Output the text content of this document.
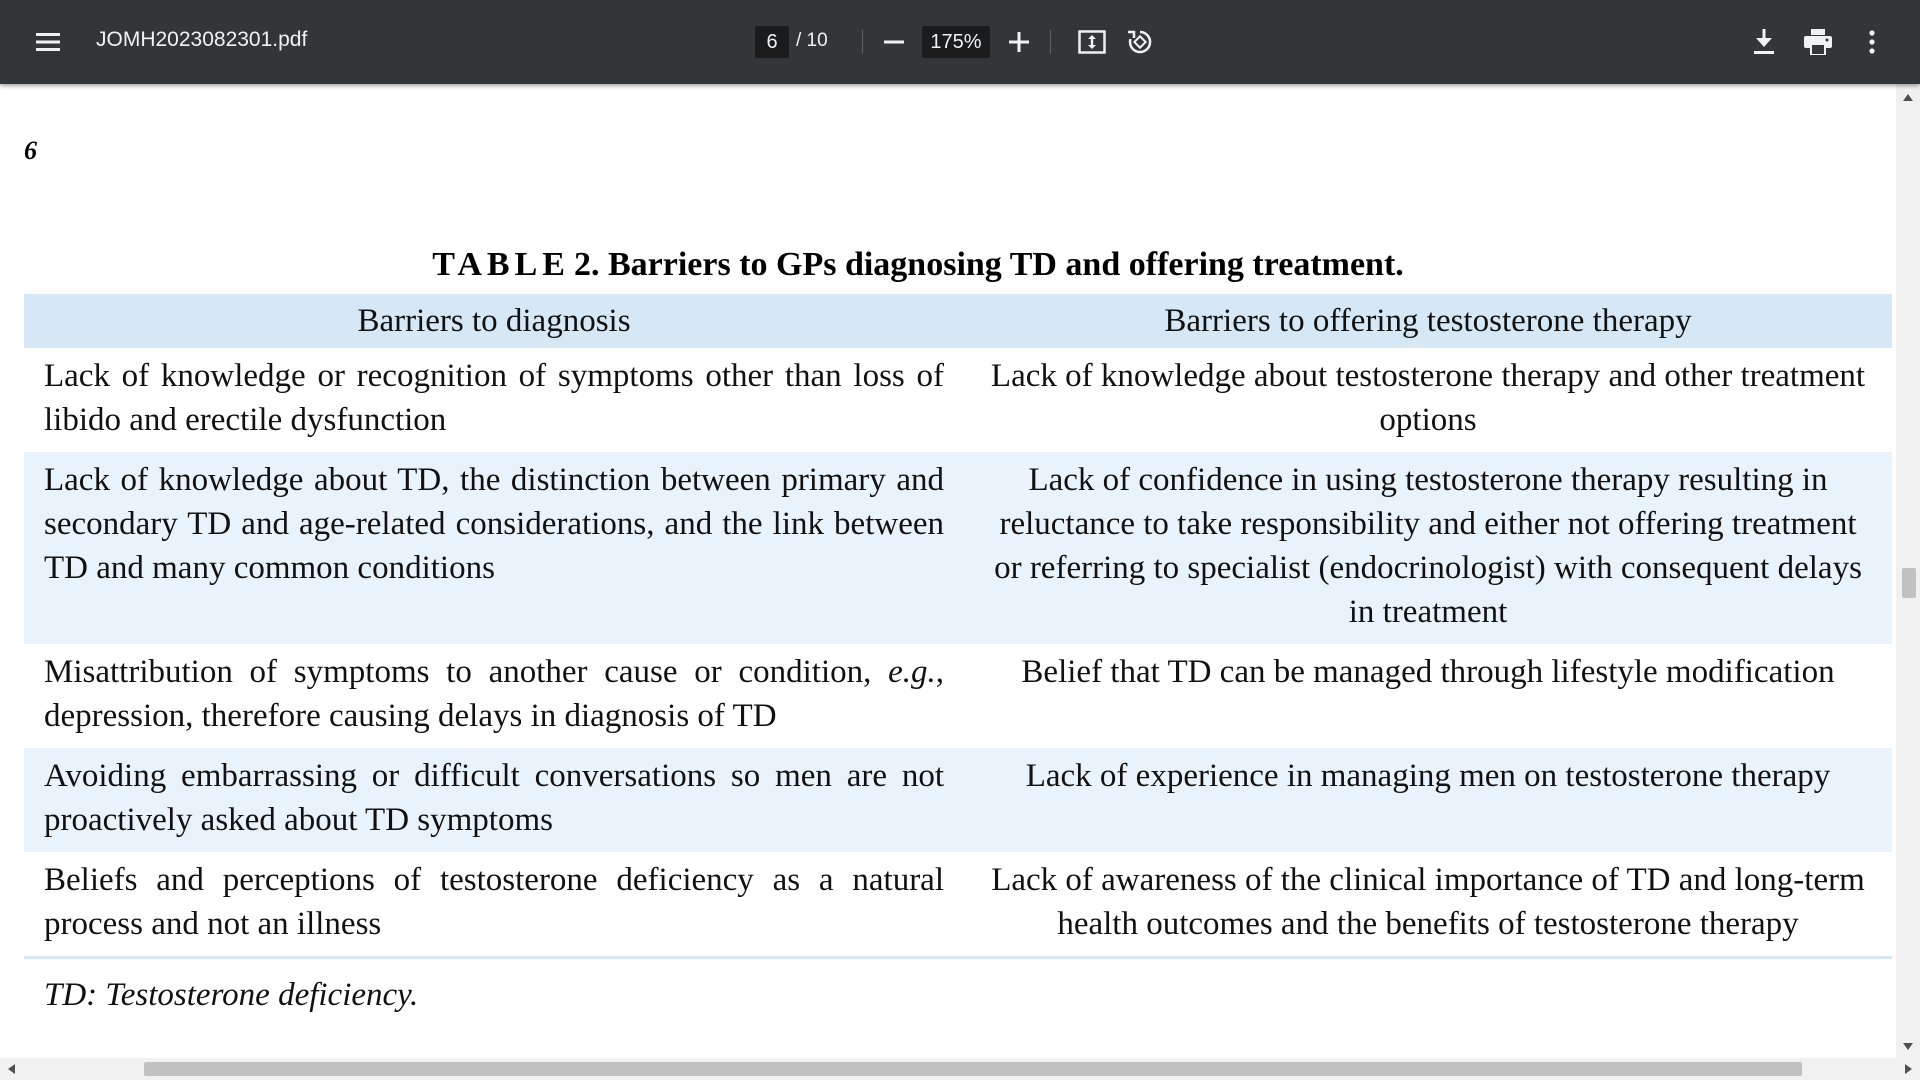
JOMH2023082301.pdf	6 / 10	175%
6
TABLE 2. Barriers to GPs diagnosing TD and offering treatment.
Barriers to diagnosis	Barriers to offering testosterone therapy
Lack of knowledge or recognition of symptoms other than loss of libido and erectile dysfunction	Lack of knowledge about testosterone therapy and other treatment options
Lack of knowledge about TD, the distinction between primary and secondary TD and age-related considerations, and the link between TD and many common conditions	Lack of confidence in using testosterone therapy resulting in reluctance to take responsibility and either not offering treatment or referring to specialist (endocrinologist) with consequent delays in treatment
Misattribution of symptoms to another cause or condition, e.g., depression, therefore causing delays in diagnosis of TD	Belief that TD can be managed through lifestyle modification
Avoiding embarrassing or difficult conversations so men are not proactively asked about TD symptoms	Lack of experience in managing men on testosterone therapy
Beliefs and perceptions of testosterone deficiency as a natural process and not an illness	Lack of awareness of the clinical importance of TD and long-term health outcomes and the benefits of testosterone therapy
TD: Testosterone deficiency.
